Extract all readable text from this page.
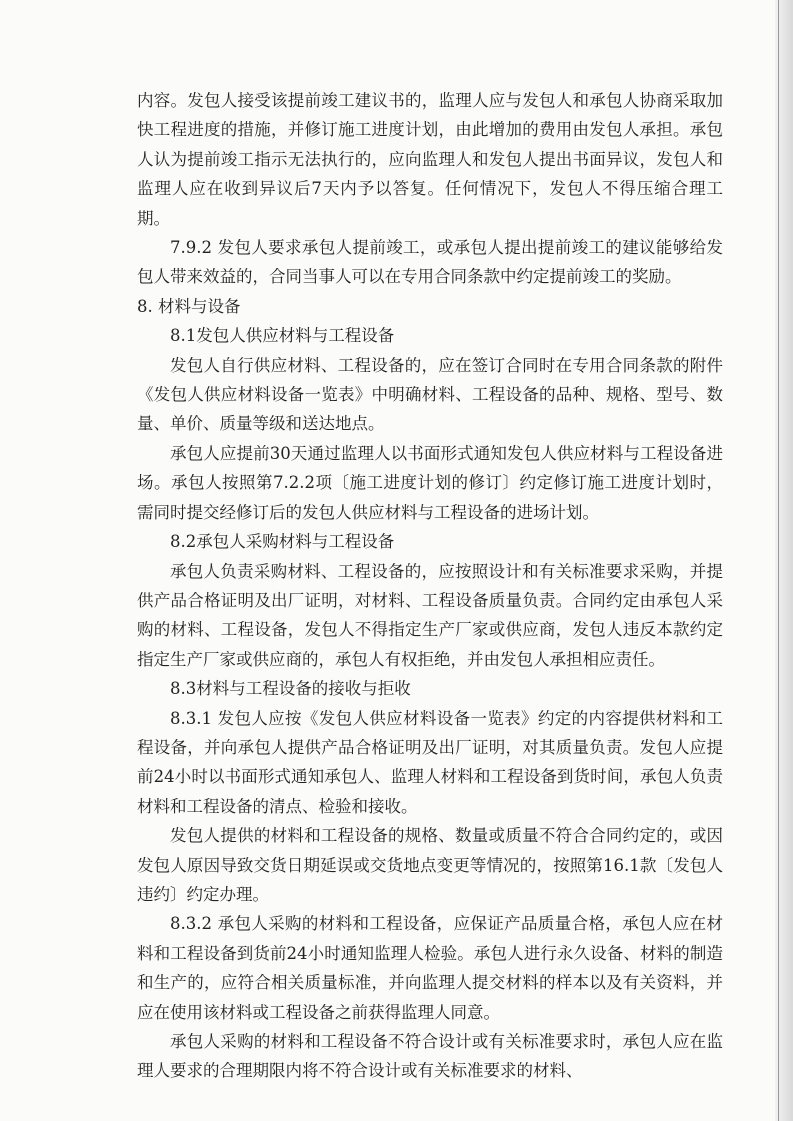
内容。发包人接受该提前竣工建议书的，监理人应与发包人和承包人协商采取加快工程进度的措施，并修订施工进度计划，由此增加的费用由发包人承担。承包人认为提前竣工指示无法执行的，应向监理人和发包人提出书面异议，发包人和监理人应在收到异议后7天内予以答复。任何情况下，发包人不得压缩合理工期。

7.9.2 发包人要求承包人提前竣工，或承包人提出提前竣工的建议能够给发包人带来效益的，合同当事人可以在专用合同条款中约定提前竣工的奖励。

8. 材料与设备

8.1发包人供应材料与工程设备

发包人自行供应材料、工程设备的，应在签订合同时在专用合同条款的附件《发包人供应材料设备一览表》中明确材料、工程设备的品种、规格、型号、数量、单价、质量等级和送达地点。

承包人应提前30天通过监理人以书面形式通知发包人供应材料与工程设备进场。承包人按照第7.2.2项〔施工进度计划的修订〕约定修订施工进度计划时，需同时提交经修订后的发包人供应材料与工程设备的进场计划。

8.2承包人采购材料与工程设备

承包人负责采购材料、工程设备的，应按照设计和有关标准要求采购，并提供产品合格证明及出厂证明，对材料、工程设备质量负责。合同约定由承包人采购的材料、工程设备，发包人不得指定生产厂家或供应商，发包人违反本款约定指定生产厂家或供应商的，承包人有权拒绝，并由发包人承担相应责任。

8.3材料与工程设备的接收与拒收

8.3.1 发包人应按《发包人供应材料设备一览表》约定的内容提供材料和工程设备，并向承包人提供产品合格证明及出厂证明，对其质量负责。发包人应提前24小时以书面形式通知承包人、监理人材料和工程设备到货时间，承包人负责材料和工程设备的清点、检验和接收。

发包人提供的材料和工程设备的规格、数量或质量不符合合同约定的，或因发包人原因导致交货日期延误或交货地点变更等情况的，按照第16.1款〔发包人违约〕约定办理。

8.3.2 承包人采购的材料和工程设备，应保证产品质量合格，承包人应在材料和工程设备到货前24小时通知监理人检验。承包人进行永久设备、材料的制造和生产的，应符合相关质量标准，并向监理人提交材料的样本以及有关资料，并应在使用该材料或工程设备之前获得监理人同意。

承包人采购的材料和工程设备不符合设计或有关标准要求时，承包人应在监理人要求的合理期限内将不符合设计或有关标准要求的材料、
